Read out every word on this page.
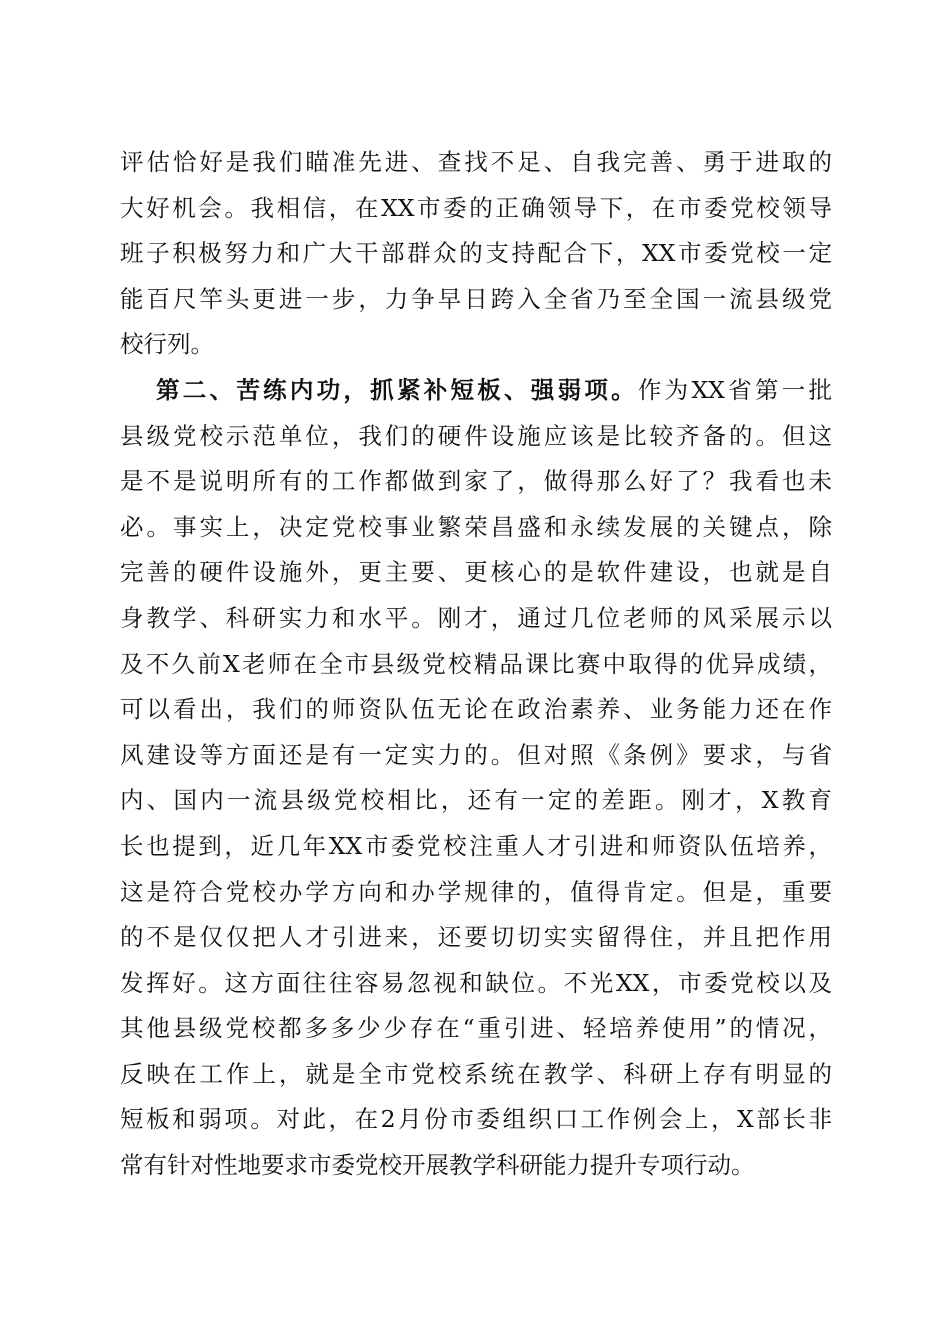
评估恰好是我们瞄准先进、查找不足、自我完善、勇于进取的
大好机会。我相信，在XX市委的正确领导下，在市委党校领导
班子积极努力和广大干部群众的支持配合下，XX市委党校一定
能百尺竿头更进一步，力争早日跨入全省乃至全国一流县级党
校行列。
第二、苦练内功，抓紧补短板、强弱项。作为XX省第一批
县级党校示范单位，我们的硬件设施应该是比较齐备的。但这
是不是说明所有的工作都做到家了，做得那么好了？我看也未
必。事实上，决定党校事业繁荣昌盛和永续发展的关键点，除
完善的硬件设施外，更主要、更核心的是软件建设，也就是自
身教学、科研实力和水平。刚才，通过几位老师的风采展示以
及不久前X老师在全市县级党校精品课比赛中取得的优异成绩，
可以看出，我们的师资队伍无论在政治素养、业务能力还在作
风建设等方面还是有一定实力的。但对照《条例》要求，与省
内、国内一流县级党校相比，还有一定的差距。刚才，X教育
长也提到，近几年XX市委党校注重人才引进和师资队伍培养，
这是符合党校办学方向和办学规律的，值得肯定。但是，重要
的不是仅仅把人才引进来，还要切切实实留得住，并且把作用
发挥好。这方面往往容易忽视和缺位。不光XX，市委党校以及
其他县级党校都多多少少存在“重引进、轻培养使用”的情况，
反映在工作上，就是全市党校系统在教学、科研上存有明显的
短板和弱项。对此，在2月份市委组织口工作例会上，X部长非
常有针对性地要求市委党校开展教学科研能力提升专项行动。
